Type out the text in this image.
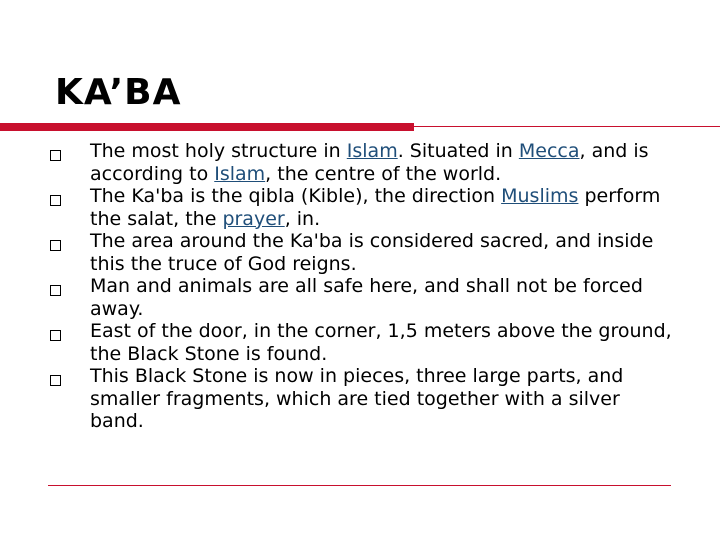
KA’BA
The most holy structure in Islam. Situated in Mecca, and is according to Islam, the centre of the world.
The Ka'ba is the qibla (Kible), the direction Muslims perform the salat, the prayer, in.
The area around the Ka'ba is considered sacred, and inside this the truce of God reigns.
Man and animals are all safe here, and shall not be forced away.
East of the door, in the corner, 1,5 meters above the ground, the Black Stone is found.
This Black Stone is now in pieces, three large parts, and smaller fragments, which are tied together with a silver band.
